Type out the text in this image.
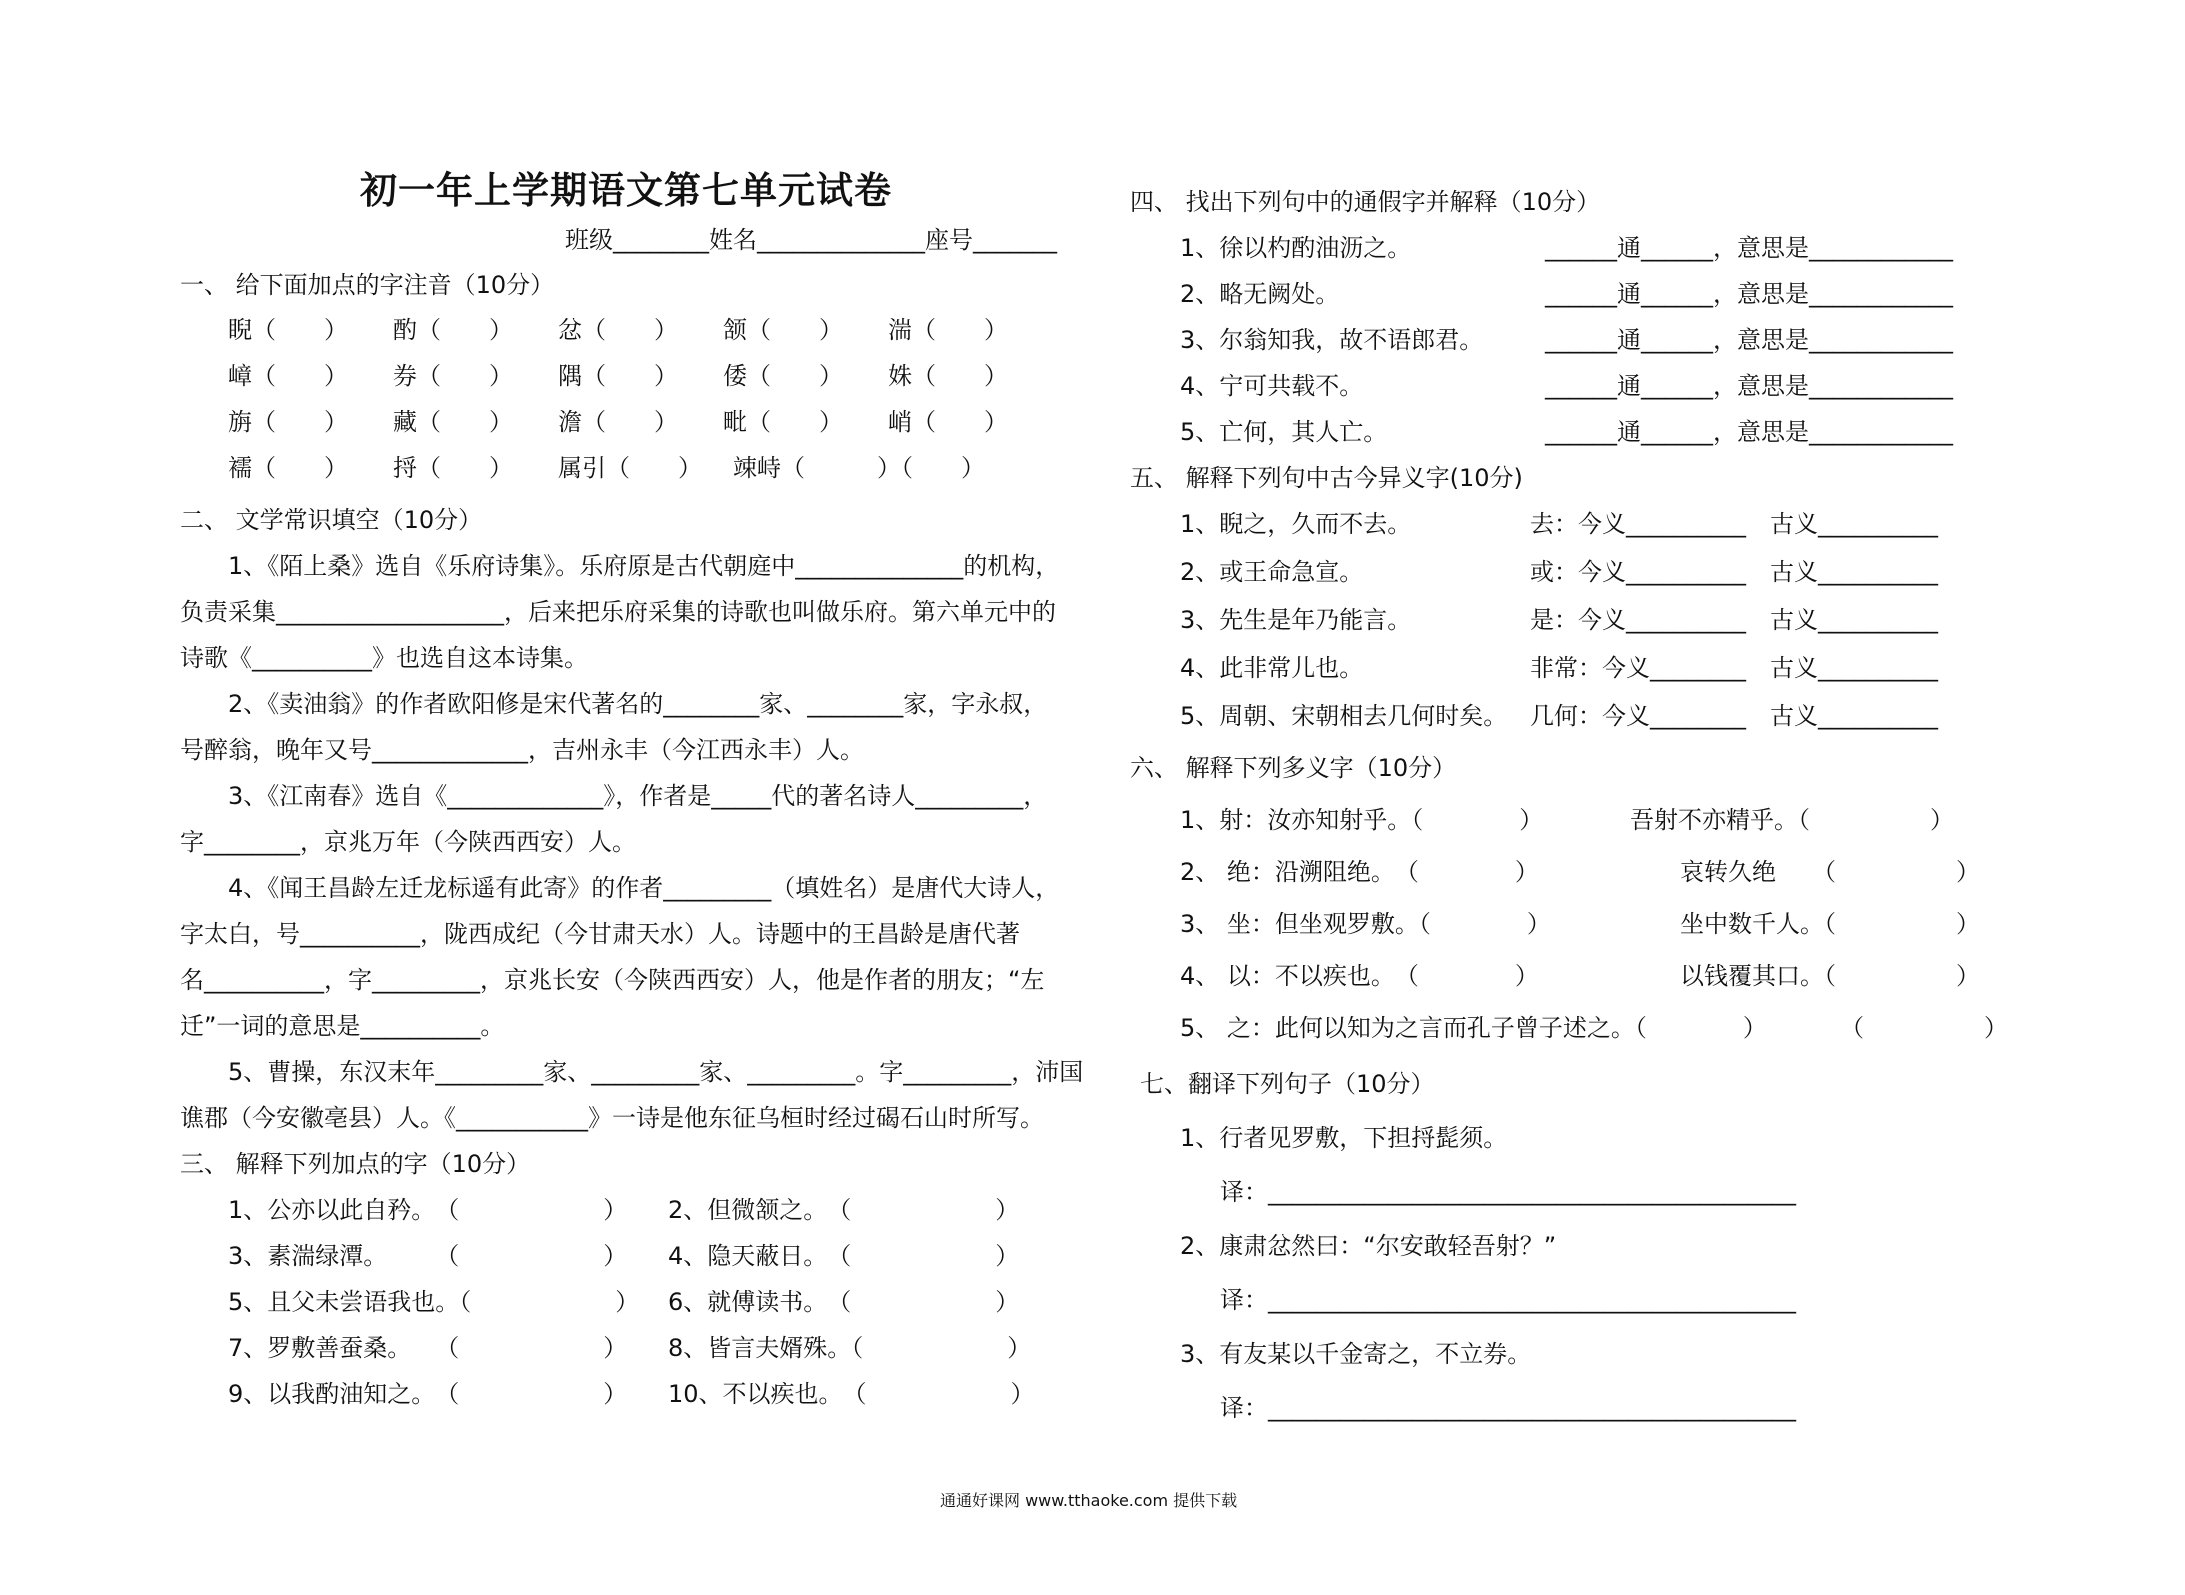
初一年上学期语文第七单元试卷
班级________姓名______________座号_______
一、 给下面加点的字注音（10分）
睨（　　） 酌（　　） 忿（　　） 颔（　　） 湍（　　）
嶂（　　） 券（　　） 隅（　　） 倭（　　） 姝（　　）
旃（　　） 藏（　　） 澹（　　） 毗（　　） 峭（　　）
襦（　　） 捋（　　） 属引（　　） 竦峙（　　　）（　　）
二、 文学常识填空（10分）
1、《陌上桑》选自《乐府诗集》。乐府原是古代朝庭中______________的机构，
负责采集___________________，后来把乐府采集的诗歌也叫做乐府。第六单元中的
诗歌《__________》也选自这本诗集。
2、《卖油翁》的作者欧阳修是宋代著名的________家、________家，字永叔，
号醉翁，晚年又号_____________，吉州永丰（今江西永丰）人。
3、《江南春》选自《_____________》，作者是_____代的著名诗人_________，
字________，京兆万年（今陕西西安）人。
4、《闻王昌龄左迁龙标遥有此寄》的作者_________（填姓名）是唐代大诗人，
字太白，号__________，陇西成纪（今甘肃天水）人。诗题中的王昌龄是唐代著
名__________，字_________，京兆长安（今陕西西安）人，他是作者的朋友；“左
迁”一词的意思是__________。
5、曹操，东汉末年_________家、_________家、_________。字_________，沛国
谯郡（今安徽亳县）人。《___________》一诗是他东征乌桓时经过碣石山时所写。
三、 解释下列加点的字（10分）
1、公亦以此自矜。　（　　　　　　） 2、但微颔之。　（　　　　　　）
3、素湍绿潭。　　　（　　　　　　） 4、隐天蔽日。　（　　　　　　）
5、且父未尝语我也。（　　　　　　） 6、就傅读书。　（　　　　　　）
7、罗敷善蚕桑。　　（　　　　　　） 8、皆言夫婿殊。（　　　　　　）
9、以我酌油知之。　（　　　　　　） 10、不以疾也。　（　　　　　　）
四、 找出下列句中的通假字并解释（10分）
1、徐以杓酌油沥之。	______通______，意思是____________
2、略无阙处。	______通______，意思是____________
3、尔翁知我，故不语郎君。	______通______，意思是____________
4、宁可共载不。	______通______，意思是____________
5、亡何，其人亡。	______通______，意思是____________
五、 解释下列句中古今异义字(10分)
1、睨之，久而不去。	去：今义__________ 古义__________
2、或王命急宣。	或：今义__________ 古义__________
3、先生是年乃能言。	是：今义__________ 古义__________
4、此非常儿也。	非常：今义________ 古义__________
5、周朝、宋朝相去几何时矣。 几何：今义________ 古义__________
六、 解释下列多义字（10分）
1、射：汝亦知射乎。（　　　　）	吾射不亦精乎。（　　　　　）
2、 绝：沿溯阻绝。　（　　　　）	哀转久绝　　（　　　　　）
3、 坐：但坐观罗敷。（　　　　）	坐中数千人。（　　　　　）
4、 以：不以疾也。　（　　　　）	以钱覆其口。（　　　　　）
5、 之：此何以知为之言而孔子曾子述之。（　　　　）	（　　　　　）
七、翻译下列句子（10分）
1、行者见罗敷，下担捋髭须。
译：____________________________________________
2、康肃忿然曰：“尔安敢轻吾射？”
译：____________________________________________
3、有友某以千金寄之，不立券。
译：____________________________________________
通通好课网 www.tthaoke.com 提供下载
